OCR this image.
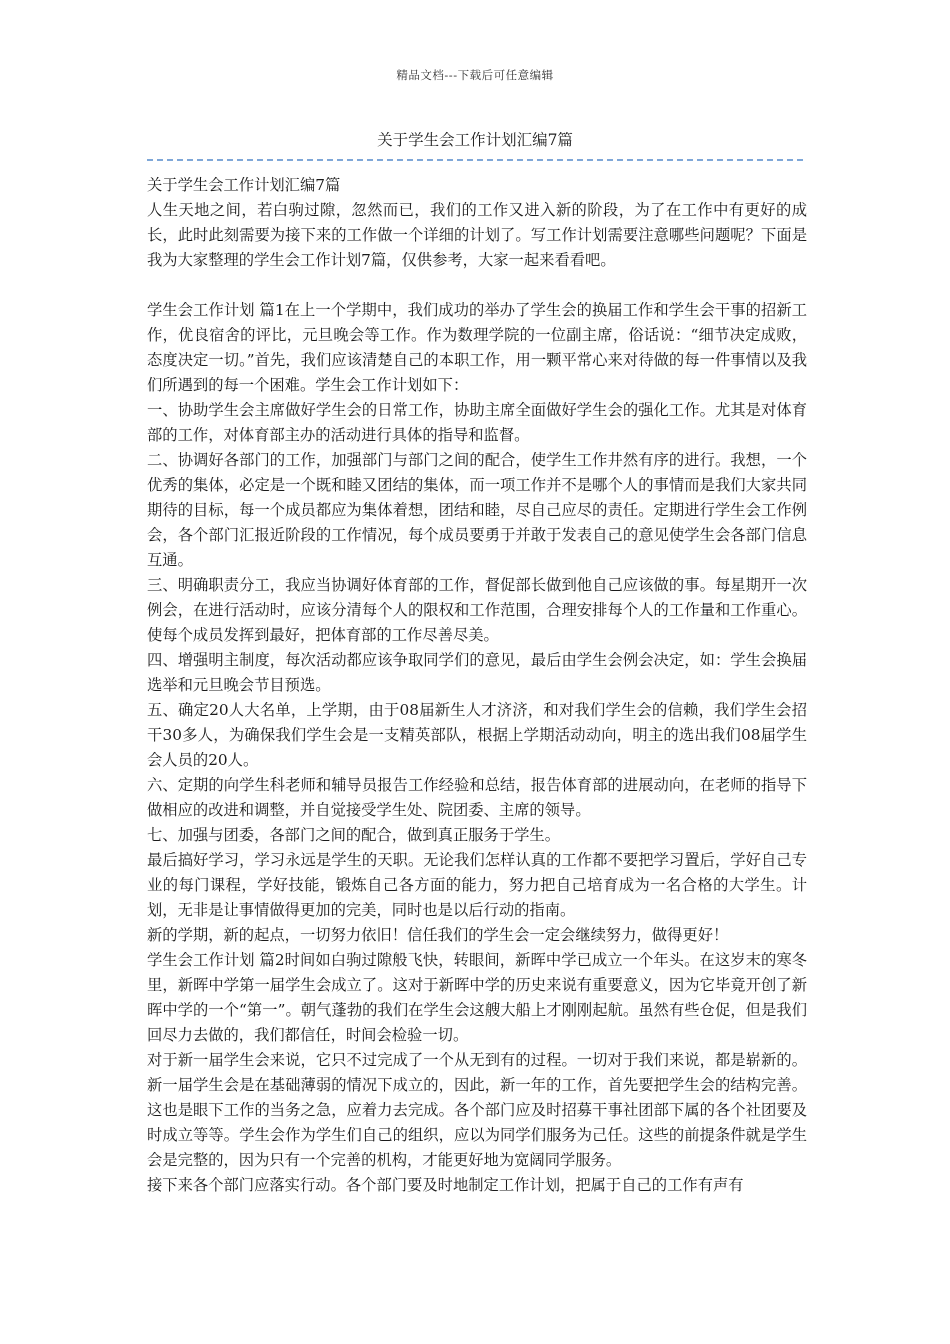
精品文档---下载后可任意编辑
关于学生会工作计划汇编7篇

关于学生会工作计划汇编7篇

人生天地之间，若白驹过隙，忽然而已，我们的工作又进入新的阶段，为了在工作中有更好的成长，此时此刻需要为接下来的工作做一个详细的计划了。写工作计划需要注意哪些问题呢？下面是我为大家整理的学生会工作计划7篇，仅供参考，大家一起来看看吧。

学生会工作计划 篇1在上一个学期中，我们成功的举办了学生会的换届工作和学生会干事的招新工作，优良宿舍的评比，元旦晚会等工作。作为数理学院的一位副主席，俗话说：“细节决定成败，态度决定一切。”首先，我们应该清楚自己的本职工作，用一颗平常心来对待做的每一件事情以及我们所遇到的每一个困难。学生会工作计划如下：

一、协助学生会主席做好学生会的日常工作，协助主席全面做好学生会的强化工作。尤其是对体育部的工作，对体育部主办的活动进行具体的指导和监督。

二、协调好各部门的工作，加强部门与部门之间的配合，使学生工作井然有序的进行。我想，一个优秀的集体，必定是一个既和睦又团结的集体，而一项工作并不是哪个人的事情而是我们大家共同期待的目标，每一个成员都应为集体着想，团结和睦，尽自己应尽的责任。定期进行学生会工作例会，各个部门汇报近阶段的工作情况，每个成员要勇于并敢于发表自己的意见使学生会各部门信息互通。

三、明确职责分工，我应当协调好体育部的工作，督促部长做到他自己应该做的事。每星期开一次例会，在进行活动时，应该分清每个人的限权和工作范围，合理安排每个人的工作量和工作重心。使每个成员发挥到最好，把体育部的工作尽善尽美。

四、增强明主制度，每次活动都应该争取同学们的意见，最后由学生会例会决定，如：学生会换届选举和元旦晚会节目预选。

五、确定20人大名单，上学期，由于08届新生人才济济，和对我们学生会的信赖，我们学生会招干30多人，为确保我们学生会是一支精英部队，根据上学期活动动向，明主的选出我们08届学生会人员的20人。

六、定期的向学生科老师和辅导员报告工作经验和总结，报告体育部的进展动向，在老师的指导下做相应的改进和调整，并自觉接受学生处、院团委、主席的领导。

七、加强与团委，各部门之间的配合，做到真正服务于学生。

最后搞好学习，学习永远是学生的天职。无论我们怎样认真的工作都不要把学习置后，学好自己专业的每门课程，学好技能，锻炼自己各方面的能力，努力把自己培育成为一名合格的大学生。计划，无非是让事情做得更加的完美，同时也是以后行动的指南。

新的学期，新的起点，一切努力依旧！信任我们的学生会一定会继续努力，做得更好！

学生会工作计划 篇2时间如白驹过隙般飞快，转眼间，新晖中学已成立一个年头。在这岁末的寒冬里，新晖中学第一届学生会成立了。这对于新晖中学的历史来说有重要意义，因为它毕竟开创了新晖中学的一个“第一”。朝气蓬勃的我们在学生会这艘大船上才刚刚起航。虽然有些仓促，但是我们回尽力去做的，我们都信任，时间会检验一切。

对于新一届学生会来说，它只不过完成了一个从无到有的过程。一切对于我们来说，都是崭新的。新一届学生会是在基础薄弱的情况下成立的，因此，新一年的工作，首先要把学生会的结构完善。这也是眼下工作的当务之急，应着力去完成。各个部门应及时招募干事社团部下属的各个社团要及时成立等等。学生会作为学生们自己的组织，应以为同学们服务为己任。这些的前提条件就是学生会是完整的，因为只有一个完善的机构，才能更好地为宽阔同学服务。

接下来各个部门应落实行动。各个部门要及时地制定工作计划，把属于自己的工作有声有
